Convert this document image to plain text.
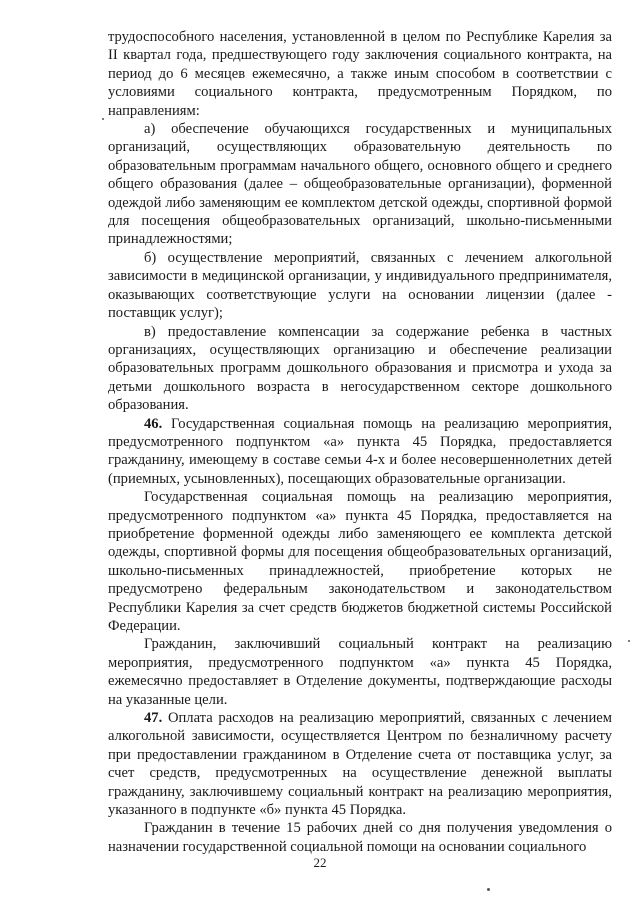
трудоспособного населения, установленной в целом по Республике Карелия за II квартал года, предшествующего году заключения социального контракта, на период до 6 месяцев ежемесячно, а также иным способом в соответствии с условиями социального контракта, предусмотренным Порядком, по направлениям:

а) обеспечение обучающихся государственных и муниципальных организаций, осуществляющих образовательную деятельность по образовательным программам начального общего, основного общего и среднего общего образования (далее – общеобразовательные организации), форменной одеждой либо заменяющим ее комплектом детской одежды, спортивной формой для посещения общеобразовательных организаций, школьно-письменными принадлежностями;

б) осуществление мероприятий, связанных с лечением алкогольной зависимости в медицинской организации, у индивидуального предпринимателя, оказывающих соответствующие услуги на основании лицензии (далее - поставщик услуг);

в) предоставление компенсации за содержание ребенка в частных организациях, осуществляющих организацию и обеспечение реализации образовательных программ дошкольного образования и присмотра и ухода за детьми дошкольного возраста в негосударственном секторе дошкольного образования.

46. Государственная социальная помощь на реализацию мероприятия, предусмотренного подпунктом «а» пункта 45 Порядка, предоставляется гражданину, имеющему в составе семьи 4-х и более несовершеннолетних детей (приемных, усыновленных), посещающих образовательные организации.

Государственная социальная помощь на реализацию мероприятия, предусмотренного подпунктом «а» пункта 45 Порядка, предоставляется на приобретение форменной одежды либо заменяющего ее комплекта детской одежды, спортивной формы для посещения общеобразовательных организаций, школьно-письменных принадлежностей, приобретение которых не предусмотрено федеральным законодательством и законодательством Республики Карелия за счет средств бюджетов бюджетной системы Российской Федерации.

Гражданин, заключивший социальный контракт на реализацию мероприятия, предусмотренного подпунктом «а» пункта 45 Порядка, ежемесячно предоставляет в Отделение документы, подтверждающие расходы на указанные цели.

47. Оплата расходов на реализацию мероприятий, связанных с лечением алкогольной зависимости, осуществляется Центром по безналичному расчету при предоставлении гражданином в Отделение счета от поставщика услуг, за счет средств, предусмотренных на осуществление денежной выплаты гражданину, заключившему социальный контракт на реализацию мероприятия, указанного в подпункте «б» пункта 45 Порядка.

Гражданин в течение 15 рабочих дней со дня получения уведомления о назначении государственной социальной помощи на основании социального

22
